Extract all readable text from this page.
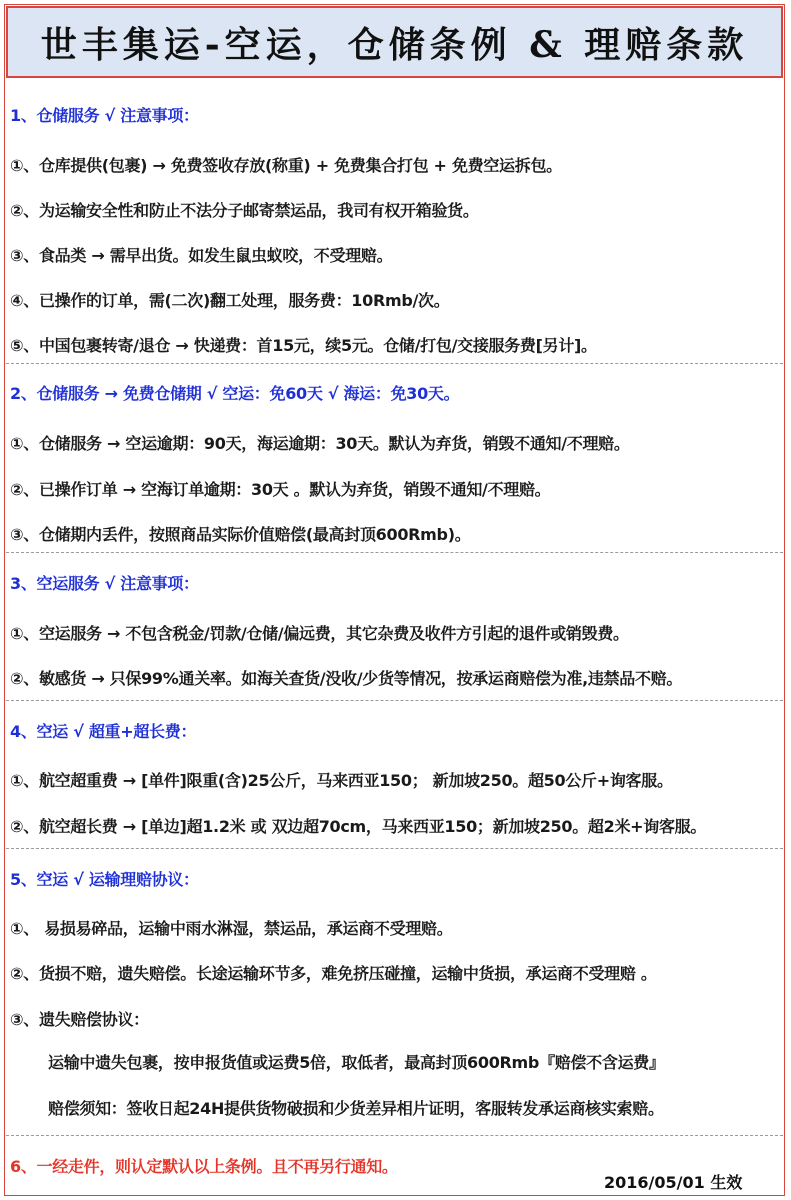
世丰集运-空运，仓储条例 & 理赔条款
1、仓储服务 √ 注意事项：
①、仓库提供(包裹) → 免费签收存放(称重) + 免费集合打包 + 免费空运拆包。
②、为运输安全性和防止不法分子邮寄禁运品，我司有权开箱验货。
③、食品类 → 需早出货。如发生鼠虫蚁咬，不受理赔。
④、已操作的订单，需(二次)翻工处理，服务费：10Rmb/次。
⑤、中国包裹转寄/退仓 → 快递费：首15元，续5元。仓储/打包/交接服务费[另计]。
2、仓储服务 → 免费仓储期 √ 空运：免60天 √ 海运：免30天。
①、仓储服务 → 空运逾期：90天，海运逾期：30天。默认为弃货，销毁不通知/不理赔。
②、已操作订单 → 空海订单逾期：30天 。默认为弃货，销毁不通知/不理赔。
③、仓储期内丢件，按照商品实际价值赔偿(最高封顶600Rmb)。
3、空运服务 √ 注意事项：
①、空运服务 → 不包含税金/罚款/仓储/偏远费，其它杂费及收件方引起的退件或销毁费。
②、敏感货 → 只保99%通关率。如海关查货/没收/少货等情况，按承运商赔偿为准,违禁品不赔。
4、空运 √ 超重+超长费：
①、航空超重费 → [单件]限重(含)25公斤，马来西亚150； 新加坡250。超50公斤+询客服。
②、航空超长费 → [单边]超1.2米 或 双边超70cm，马来西亚150；新加坡250。超2米+询客服。
5、空运 √ 运输理赔协议：
①、 易损易碎品，运输中雨水淋湿，禁运品，承运商不受理赔。
②、货损不赔，遗失赔偿。长途运输环节多，难免挤压碰撞，运输中货损，承运商不受理赔 。
③、遗失赔偿协议：
运输中遗失包裹，按申报货值或运费5倍，取低者，最高封顶600Rmb『赔偿不含运费』
赔偿须知：签收日起24H提供货物破损和少货差异相片证明，客服转发承运商核实索赔。
6、一经走件，则认定默认以上条例。且不再另行通知。
2016/05/01 生效
